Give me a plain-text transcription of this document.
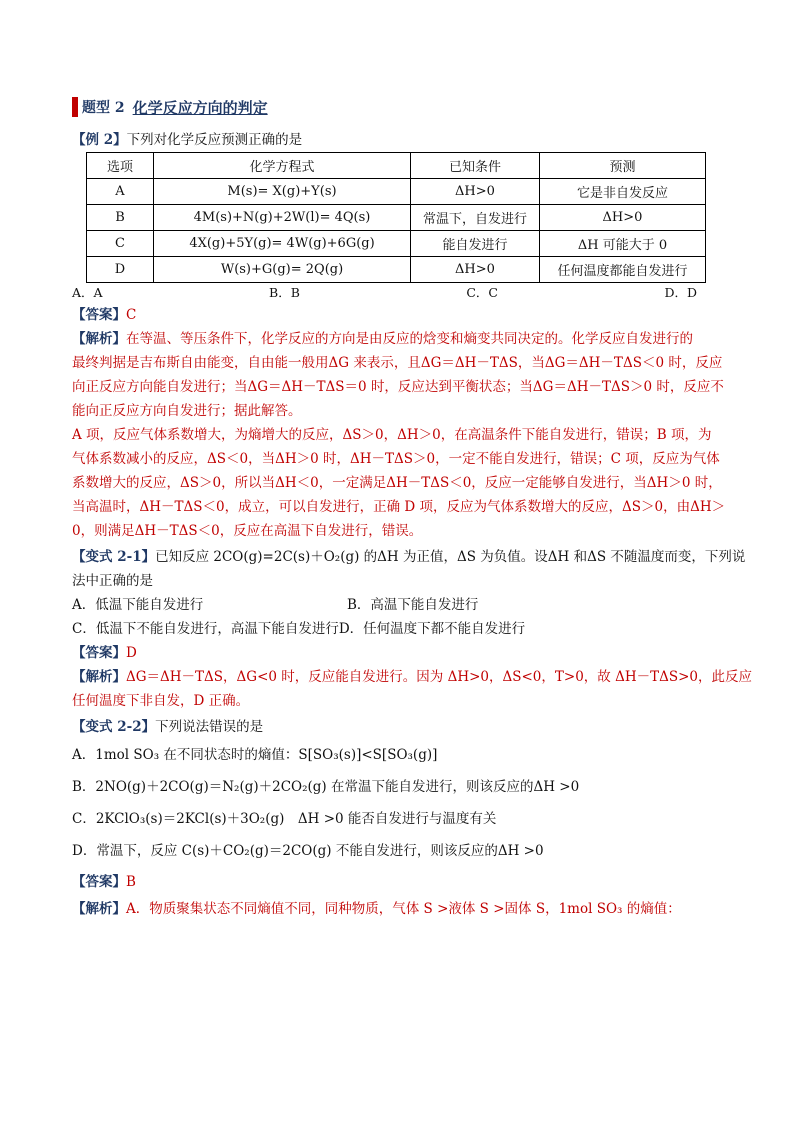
题型 2 化学反应方向的判定
【例 2】下列对化学反应预测正确的是
选项	化学方程式	已知条件	预测
A	M(s)= X(g)+Y(s)	ΔH>0	它是非自发反应
B	4M(s)+N(g)+2W(l)= 4Q(s)	常温下，自发进行	ΔH>0
C	4X(g)+5Y(g)= 4W(g)+6G(g)	能自发进行	ΔH 可能大于 0
D	W(s)+G(g)= 2Q(g)	ΔH>0	任何温度都能自发进行
A．A	B．B	C．C	D．D
【答案】C
【解析】在等温、等压条件下，化学反应的方向是由反应的焓变和熵变共同决定的。化学反应自发进行的
最终判据是吉布斯自由能变，自由能一般用ΔG 来表示，且ΔG＝ΔH－TΔS，当ΔG＝ΔH－TΔS＜0 时，反应
向正反应方向能自发进行；当ΔG＝ΔH－TΔS＝0 时，反应达到平衡状态；当ΔG＝ΔH－TΔS＞0 时，反应不
能向正反应方向自发进行；据此解答。
A 项，反应气体系数增大，为熵增大的反应，ΔS＞0，ΔH＞0，在高温条件下能自发进行，错误；B 项，为
气体系数减小的反应，ΔS＜0，当ΔH＞0 时，ΔH－TΔS＞0，一定不能自发进行，错误；C 项，反应为气体
系数增大的反应，ΔS＞0，所以当ΔH＜0，一定满足ΔH－TΔS＜0，反应一定能够自发进行，当ΔH＞0 时，
当高温时，ΔH－TΔS＜0，成立，可以自发进行，正确 D 项，反应为气体系数增大的反应，ΔS＞0，由ΔH＞
0，则满足ΔH－TΔS＜0，反应在高温下自发进行，错误。
【变式 2-1】已知反应 2CO(g)=2C(s)＋O₂(g) 的ΔH 为正值，ΔS 为负值。设ΔH 和ΔS 不随温度而变，下列说
法中正确的是
A．低温下能自发进行	B．高温下能自发进行
C．低温下不能自发进行，高温下能自发进行D．任何温度下都不能自发进行
【答案】D
【解析】ΔG＝ΔH－TΔS，ΔG<0 时，反应能自发进行。因为 ΔH>0，ΔS<0，T>0，故 ΔH－TΔS>0，此反应
任何温度下非自发，D 正确。
【变式 2-2】下列说法错误的是
A．1mol SO₃ 在不同状态时的熵值：S[SO₃(s)]<S[SO₃(g)]
B．2NO(g)＋2CO(g)＝N₂(g)＋2CO₂(g) 在常温下能自发进行，则该反应的ΔH >0
C．2KClO₃(s)＝2KCl(s)＋3O₂(g)　ΔH >0 能否自发进行与温度有关
D．常温下，反应 C(s)＋CO₂(g)＝2CO(g) 不能自发进行，则该反应的ΔH >0
【答案】B
【解析】A．物质聚集状态不同熵值不同，同种物质，气体 S >液体 S >固体 S，1mol SO₃ 的熵值：
